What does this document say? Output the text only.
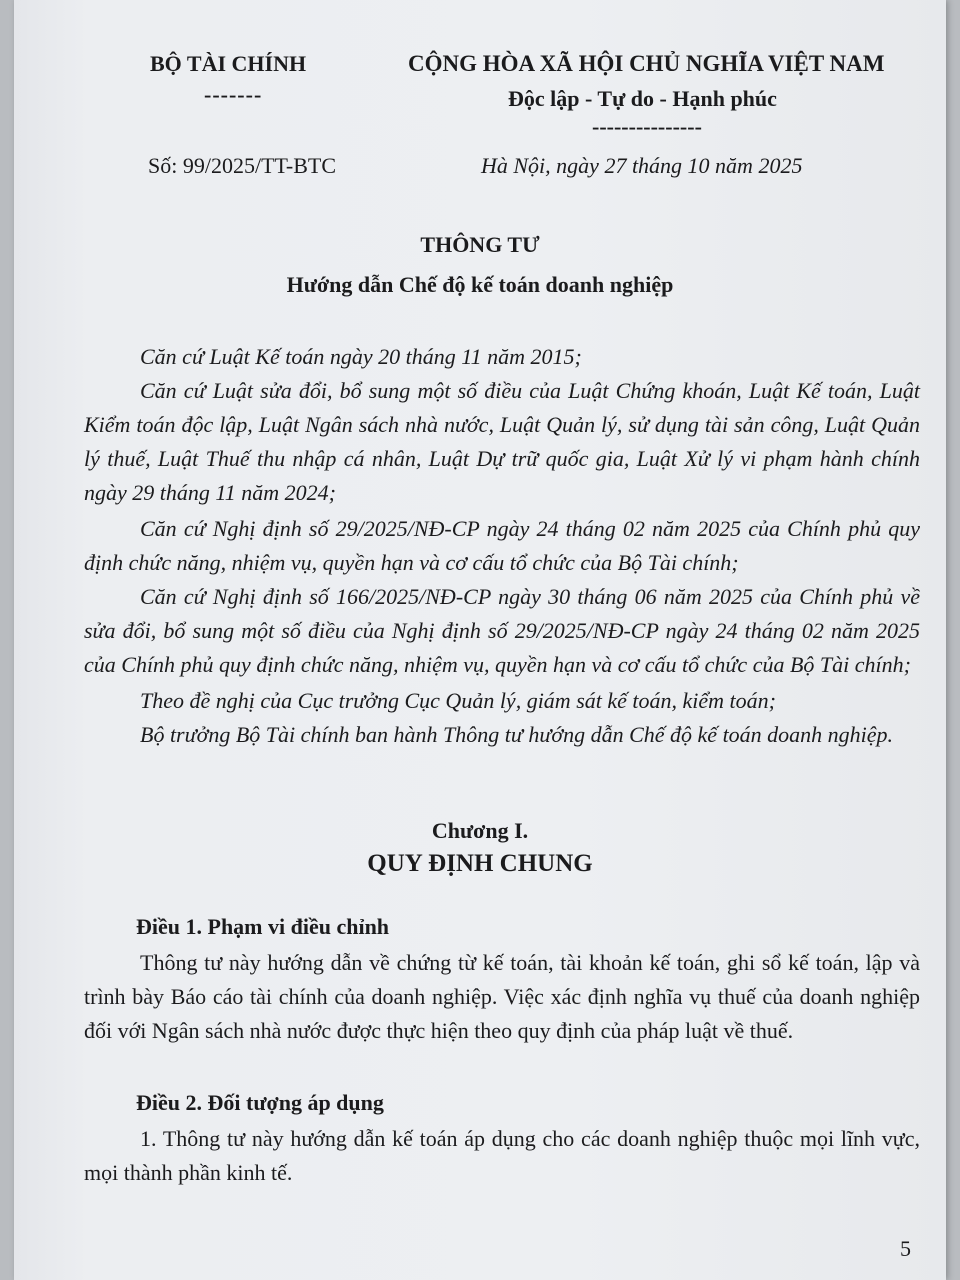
BỘ TÀI CHÍNH
-------
Số: 99/2025/TT-BTC
CỘNG HÒA XÃ HỘI CHỦ NGHĨA VIỆT NAM
Độc lập - Tự do - Hạnh phúc
---------------
Hà Nội, ngày 27 tháng 10 năm 2025
THÔNG TƯ
Hướng dẫn Chế độ kế toán doanh nghiệp
Căn cứ Luật Kế toán ngày 20 tháng 11 năm 2015;
Căn cứ Luật sửa đổi, bổ sung một số điều của Luật Chứng khoán, Luật Kế toán, Luật Kiểm toán độc lập, Luật Ngân sách nhà nước, Luật Quản lý, sử dụng tài sản công, Luật Quản lý thuế, Luật Thuế thu nhập cá nhân, Luật Dự trữ quốc gia, Luật Xử lý vi phạm hành chính ngày 29 tháng 11 năm 2024;
Căn cứ Nghị định số 29/2025/NĐ-CP ngày 24 tháng 02 năm 2025 của Chính phủ quy định chức năng, nhiệm vụ, quyền hạn và cơ cấu tổ chức của Bộ Tài chính;
Căn cứ Nghị định số 166/2025/NĐ-CP ngày 30 tháng 06 năm 2025 của Chính phủ về sửa đổi, bổ sung một số điều của Nghị định số 29/2025/NĐ-CP ngày 24 tháng 02 năm 2025 của Chính phủ quy định chức năng, nhiệm vụ, quyền hạn và cơ cấu tổ chức của Bộ Tài chính;
Theo đề nghị của Cục trưởng Cục Quản lý, giám sát kế toán, kiểm toán;
Bộ trưởng Bộ Tài chính ban hành Thông tư hướng dẫn Chế độ kế toán doanh nghiệp.
Chương I.
QUY ĐỊNH CHUNG
Điều 1. Phạm vi điều chỉnh
Thông tư này hướng dẫn về chứng từ kế toán, tài khoản kế toán, ghi sổ kế toán, lập và trình bày Báo cáo tài chính của doanh nghiệp. Việc xác định nghĩa vụ thuế của doanh nghiệp đối với Ngân sách nhà nước được thực hiện theo quy định của pháp luật về thuế.
Điều 2. Đối tượng áp dụng
1. Thông tư này hướng dẫn kế toán áp dụng cho các doanh nghiệp thuộc mọi lĩnh vực, mọi thành phần kinh tế.
5
